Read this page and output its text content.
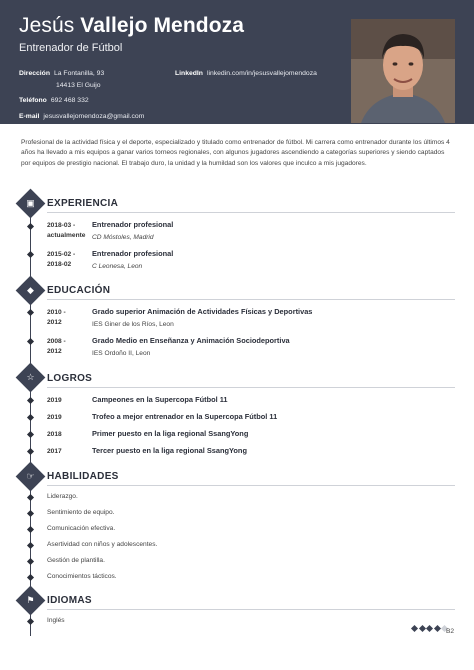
Jesús Vallejo Mendoza
Entrenador de Fútbol
Dirección La Fontanilla, 93
14413 El Guijo
LinkedIn linkedin.com/in/jesusvallejomendoza
Teléfono 692 468 332
E-mail jesusvallejomendoza@gmail.com
Profesional de la actividad física y el deporte, especializado y titulado como entrenador de fútbol. Mi carrera como entrenador durante los últimos 4 años ha llevado a mis equipos a ganar varios torneos regionales, con algunos jugadores ascendiendo a categorías superiores y siendo captados por equipos de prestigio nacional. El trabajo duro, la unidad y la humildad son los valores que inculco a mis jugadores.
▣	EXPERIENCIA
2018-03 -
actualmente
Entrenador profesional
CD Móstoles, Madrid
2015-02 -
2018-02
Entrenador profesional
C Leonesa, Leon
◆	EDUCACIÓN
2010 -
2012
Grado superior Animación de Actividades Físicas y Deportivas
IES Giner de los Ríos, Leon
2008 -
2012
Grado Medio en Enseñanza y Animación Sociodeportiva
IES Ordoño II, Leon
☆	LOGROS
2019	Campeones en la Supercopa Fútbol 11
2019	Trofeo a mejor entrenador en la Supercopa Fútbol 11
2018	Primer puesto en la liga regional SsangYong
2017	Tercer puesto en la liga regional SsangYong
☞	HABILIDADES
Liderazgo.
Sentimiento de equipo.
Comunicación efectiva.
Asertividad con niños y adolescentes.
Gestión de plantilla.
Conocimientos tácticos.
⚑	IDIOMAS
Inglés
B2
